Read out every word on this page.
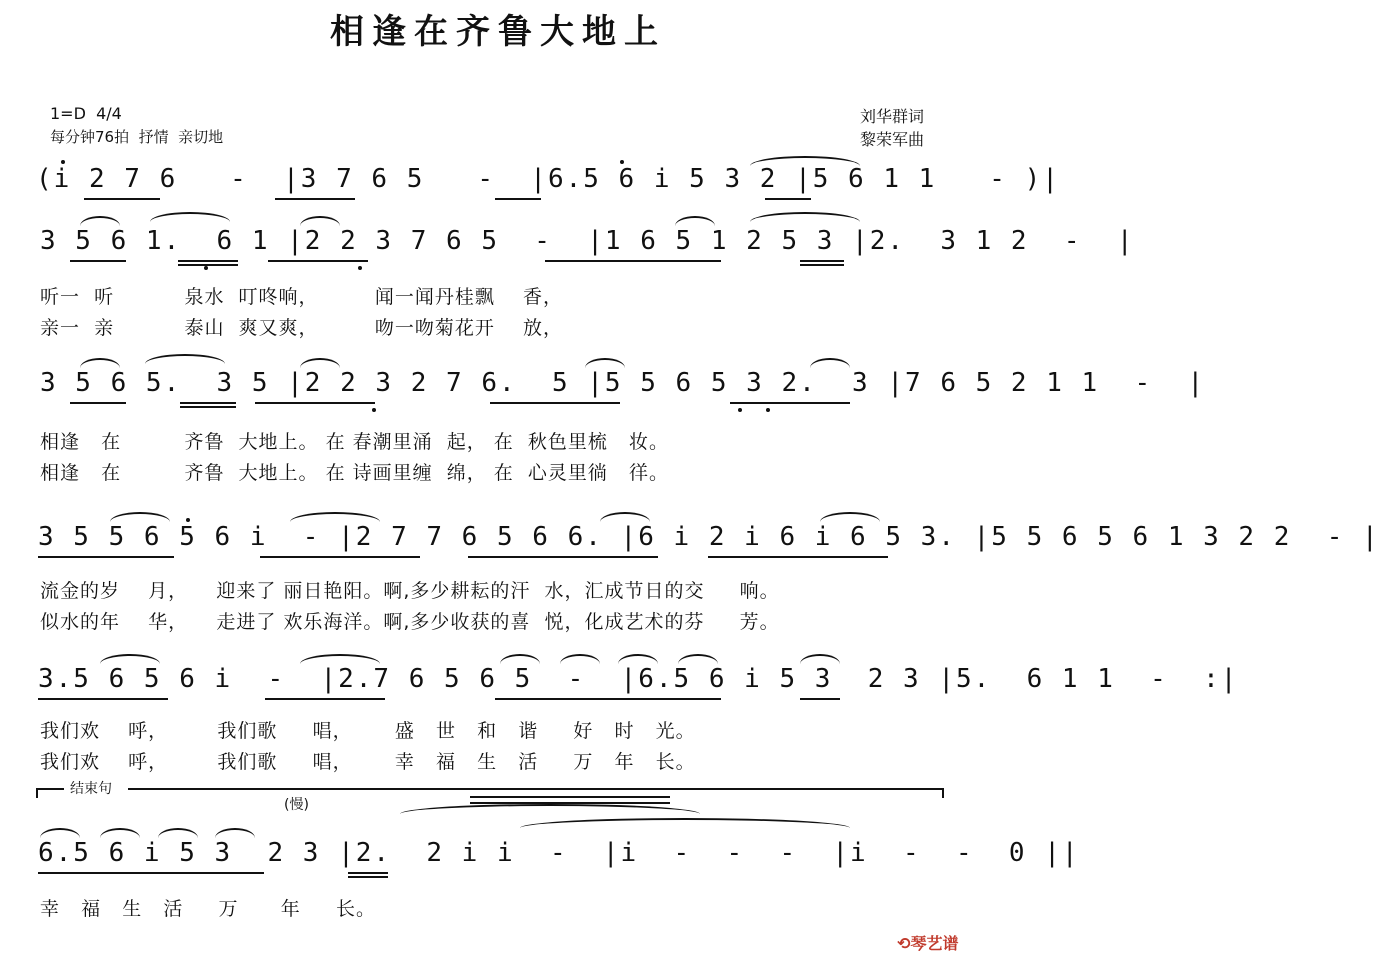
相逢在齐鲁大地上
1=D  4/4
每分钟76拍  抒情  亲切地
刘华群词
黎荣军曲
(i 2 7 6   -  |3 7 6 5   -  |6.5 6 i 5 3 2 |5 6 1 1   - )|
3 5 6 1.  6 1 |2 2 3 7 6 5  -  |1 6 5 1 2 5 3 |2.  3 1 2  -  |
听一  听          泉水  叮咚响，        闻一闻丹桂飘    香，
亲一  亲          泰山  爽又爽，        吻一吻菊花开    放，
3 5 6 5.  3 5 |2 2 3 2 7 6.  5 |5 5 6 5 3 2.  3 |7 6 5 2 1 1  -  |
相逢   在         齐鲁  大地上。 在 春潮里涌  起， 在  秋色里梳   妆。
相逢   在         齐鲁  大地上。 在 诗画里缠  绵， 在  心灵里徜   徉。
3 5 5 6 5 6 i  - |2 7 7 6 5 6 6. |6 i 2 i 6 i 6 5 3. |5 5 6 5 6 1 3 2 2  - |
流金的岁    月，    迎来了 丽日艳阳。啊,多少耕耘的汗  水，汇成节日的交     响。
似水的年    华，    走进了 欢乐海洋。啊,多少收获的喜  悦，化成艺术的芬     芳。
3.5 6 5 6 i  -  |2.7 6 5 6 5  -  |6.5 6 i 5 3  2 3 |5.  6 1 1  -  :|
我们欢    呼，       我们歌     唱，      盛   世   和   谐     好   时   光。
我们欢    呼，       我们歌     唱，      幸   福   生   活     万   年   长。
结束句
(慢)
6.5 6 i 5 3  2 3 |2.  2 i i  -  |i  -  -  -  |i  -  -  0 ||
幸   福   生   活     万      年     长。

⟲琴艺谱
